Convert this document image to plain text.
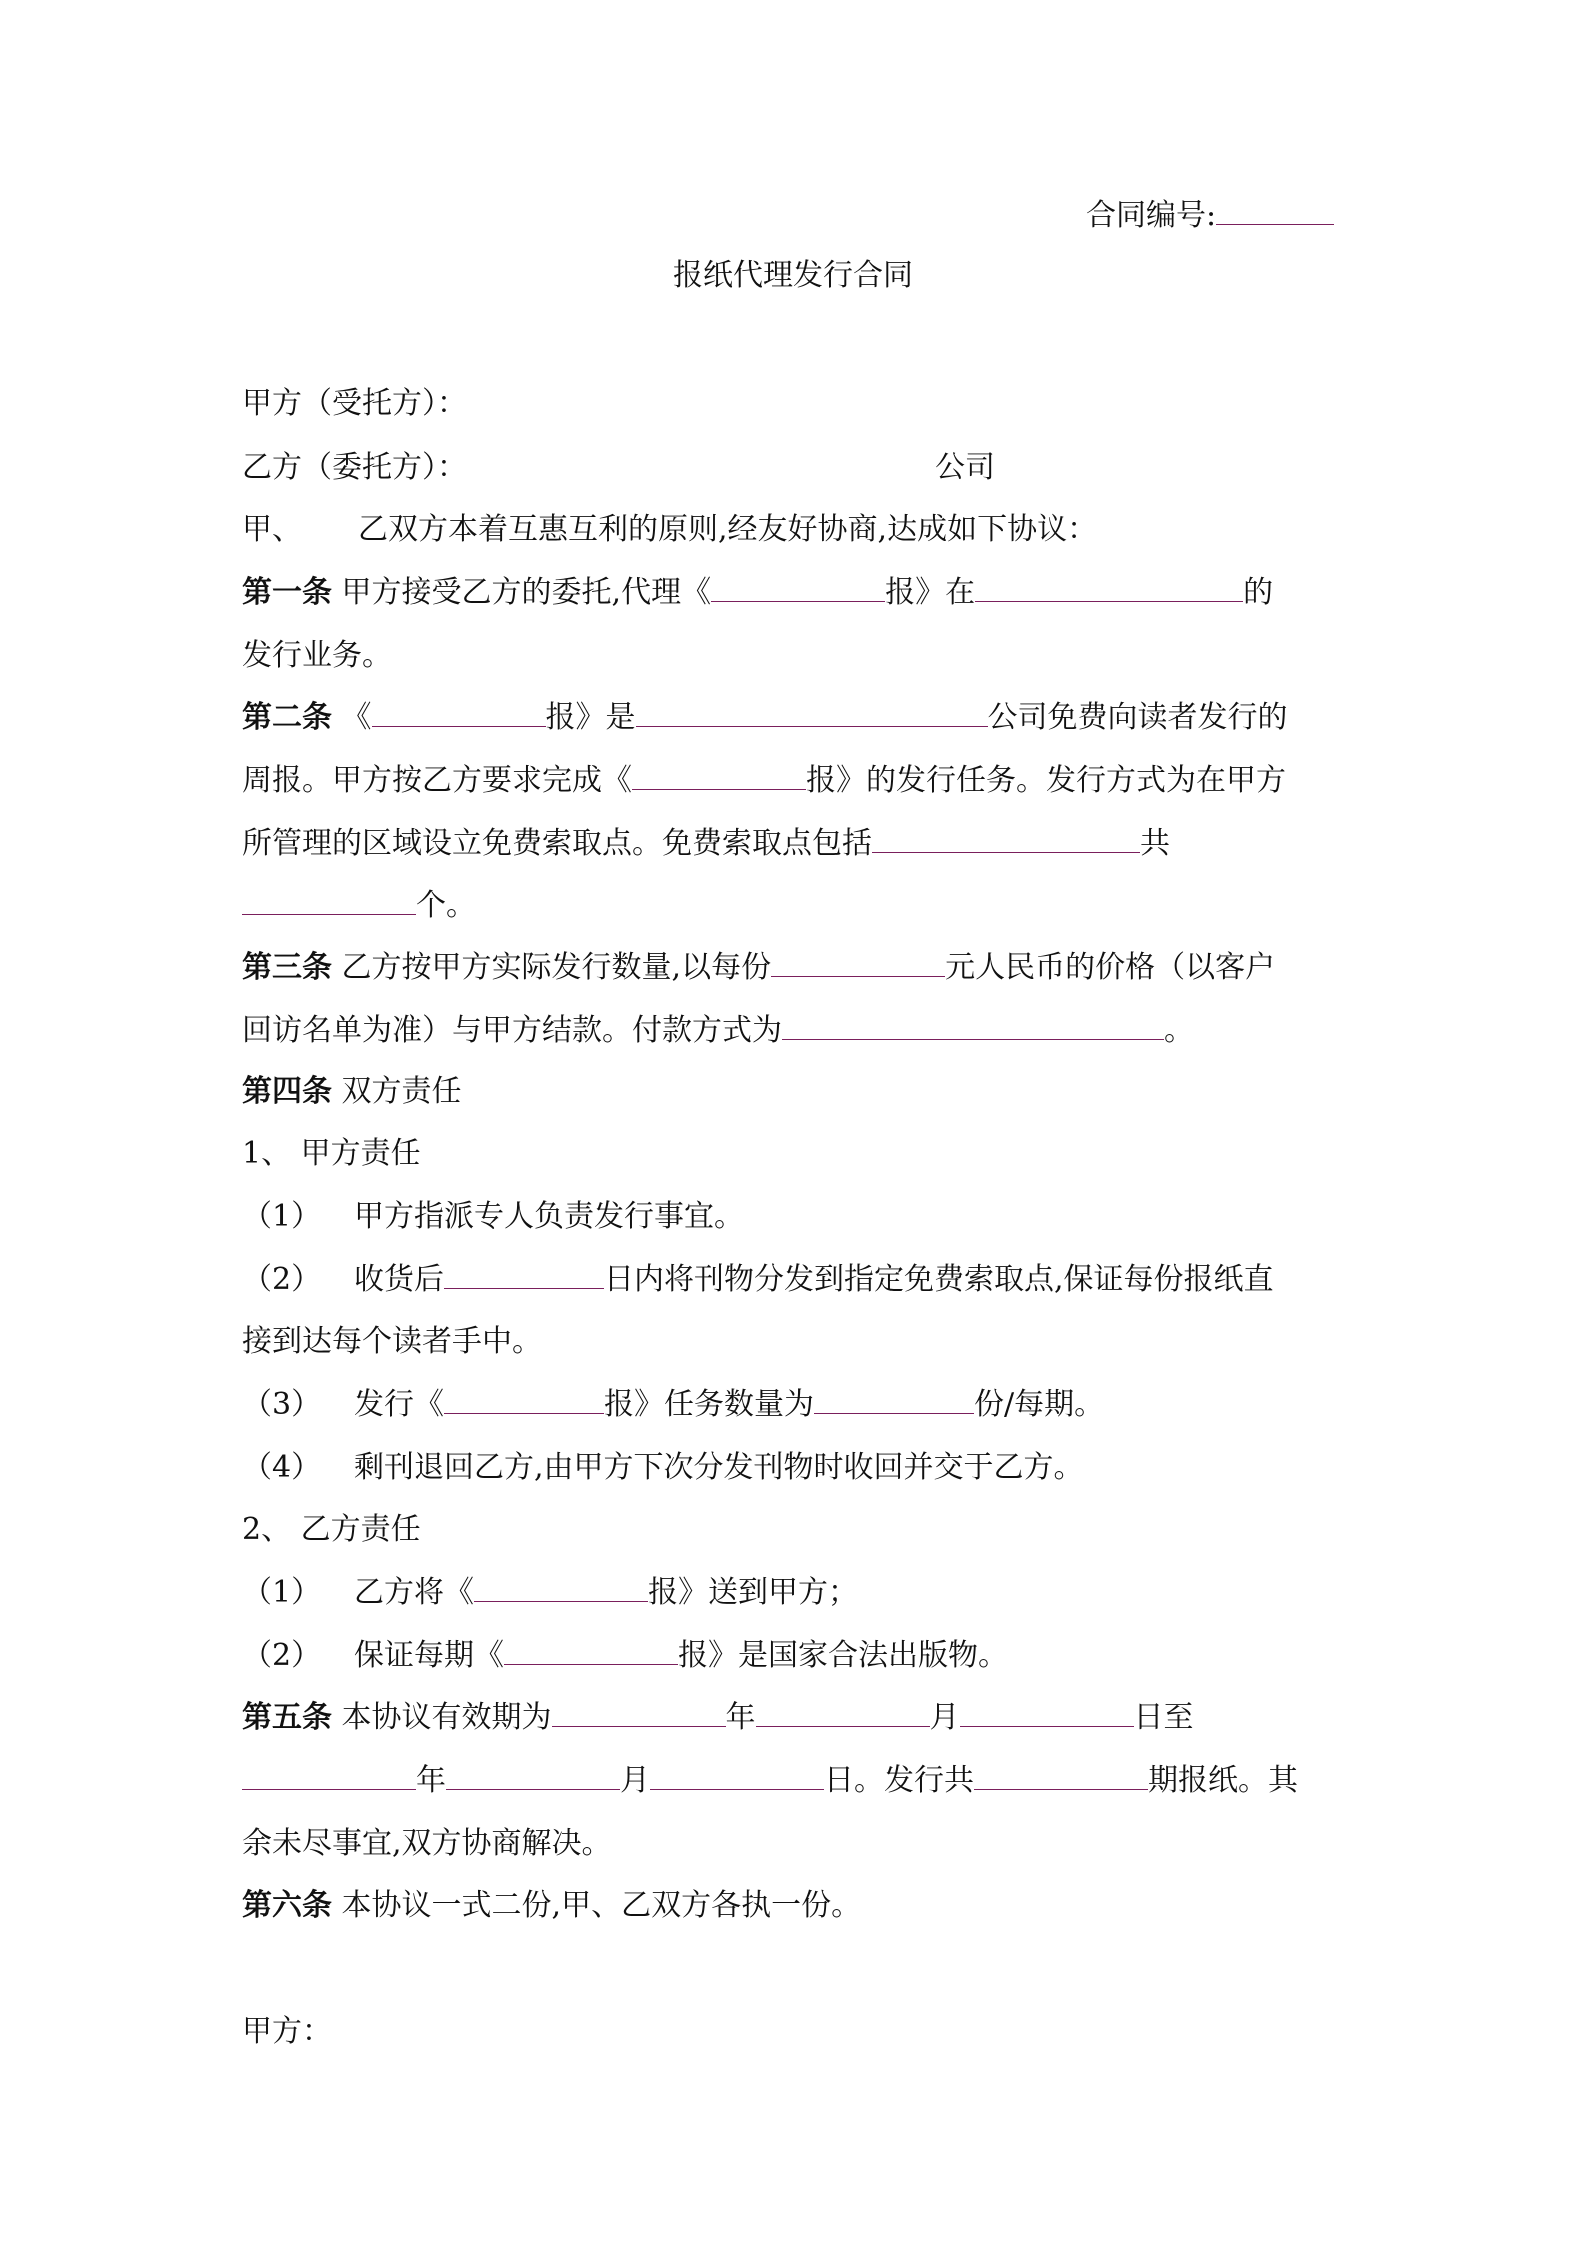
合同编号:
报纸代理发行合同
甲方（受托方）：
乙方（委托方）：	公司
甲、 乙双方本着互惠互利的原则,经友好协商,达成如下协议：
第一条 甲方接受乙方的委托,代理《	报》在	的
发行业务。
第二条 《	报》是	公司免费向读者发行的
周报。甲方按乙方要求完成《	报》的发行任务。发行方式为在甲方
所管理的区域设立免费索取点。免费索取点包括	共
个。
第三条 乙方按甲方实际发行数量,以每份	元人民币的价格（以客户
回访名单为准）与甲方结款。付款方式为	。
第四条 双方责任
1、 甲方责任
（1） 甲方指派专人负责发行事宜。
（2） 收货后	日内将刊物分发到指定免费索取点,保证每份报纸直
接到达每个读者手中。
（3） 发行《	报》任务数量为	份/每期。
（4） 剩刊退回乙方,由甲方下次分发刊物时收回并交于乙方。
2、 乙方责任
（1） 乙方将《	报》送到甲方；
（2） 保证每期《	报》是国家合法出版物。
第五条 本协议有效期为	年	月	日至
年	月	日。发行共	期报纸。其
余未尽事宜,双方协商解决。
第六条 本协议一式二份,甲、乙双方各执一份。
甲方：
